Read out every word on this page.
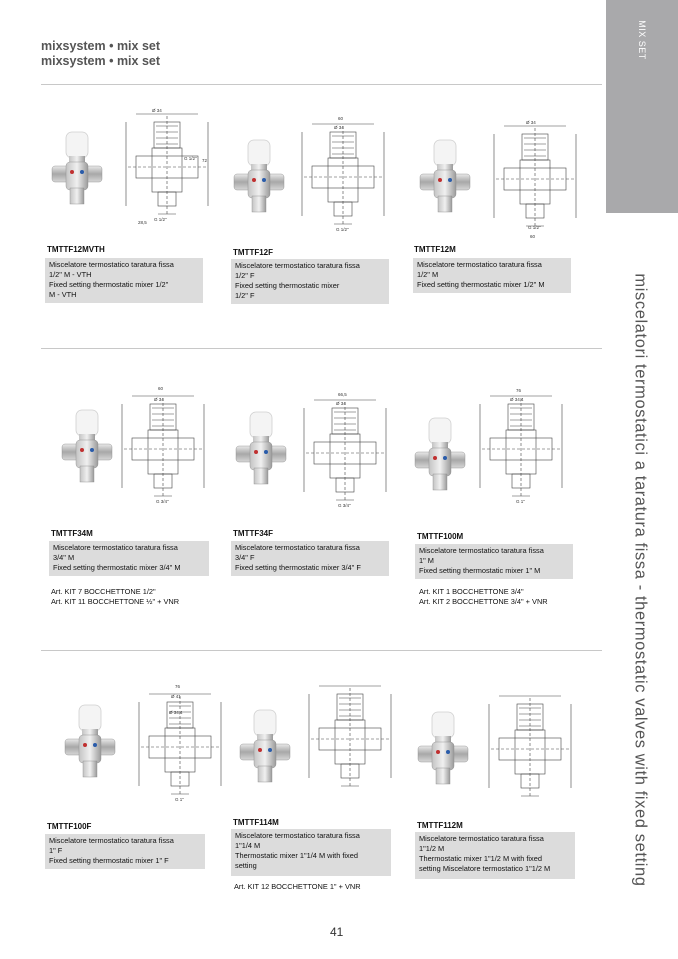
MIX SET
miscelatori termostatici a taratura fissa - thermostatic valves with fixed setting
mixsystem • mix set
mixsystem • mix set
Ø 34
G 1/2" 72
28,5
G 1/2"
TMTTF12MVTH
Miscelatore termostatico taratura fissa
1/2" M - VTH
Fixed setting thermostatic mixer 1/2"
M - VTH
60
Ø 34
G 1/2"
TMTTF12F
Miscelatore termostatico taratura fissa
1/2" F
Fixed setting thermostatic mixer
1/2" F
Ø 34
60
G 1/2"
TMTTF12M
Miscelatore termostatico taratura fissa
1/2" M
Fixed setting thermostatic mixer 1/2" M
60
Ø 34
G 3/4"
TMTTF34M
Miscelatore termostatico taratura fissa
3/4" M
Fixed setting thermostatic mixer 3/4" M
Art. KIT 7 BOCCHETTONE 1/2"
Art. KIT 11 BOCCHETTONE ½" + VNR
66,5
Ø 34
G 3/4"
TMTTF34F
Miscelatore termostatico taratura fissa
3/4" F
Fixed setting thermostatic mixer 3/4" F
76
Ø 34,4
G 1"
TMTTF100M
Miscelatore termostatico taratura fissa
1" M
Fixed setting thermostatic mixer 1" M
Art. KIT 1 BOCCHETTONE 3/4"
Art. KIT 2 BOCCHETTONE 3/4" + VNR
76
Ø 41
Ø 34,4
G 1"
TMTTF100F
Miscelatore termostatico taratura fissa
1" F
Fixed setting thermostatic mixer 1" F
TMTTF114M
Miscelatore termostatico taratura fissa
1"1/4 M
Thermostatic mixer 1"1/4 M with fixed
setting
Art. KIT 12 BOCCHETTONE 1" + VNR
TMTTF112M
Miscelatore termostatico taratura fissa
1"1/2 M
Thermostatic mixer 1"1/2 M with fixed
setting Miscelatore termostatico 1"1/2 M
41
